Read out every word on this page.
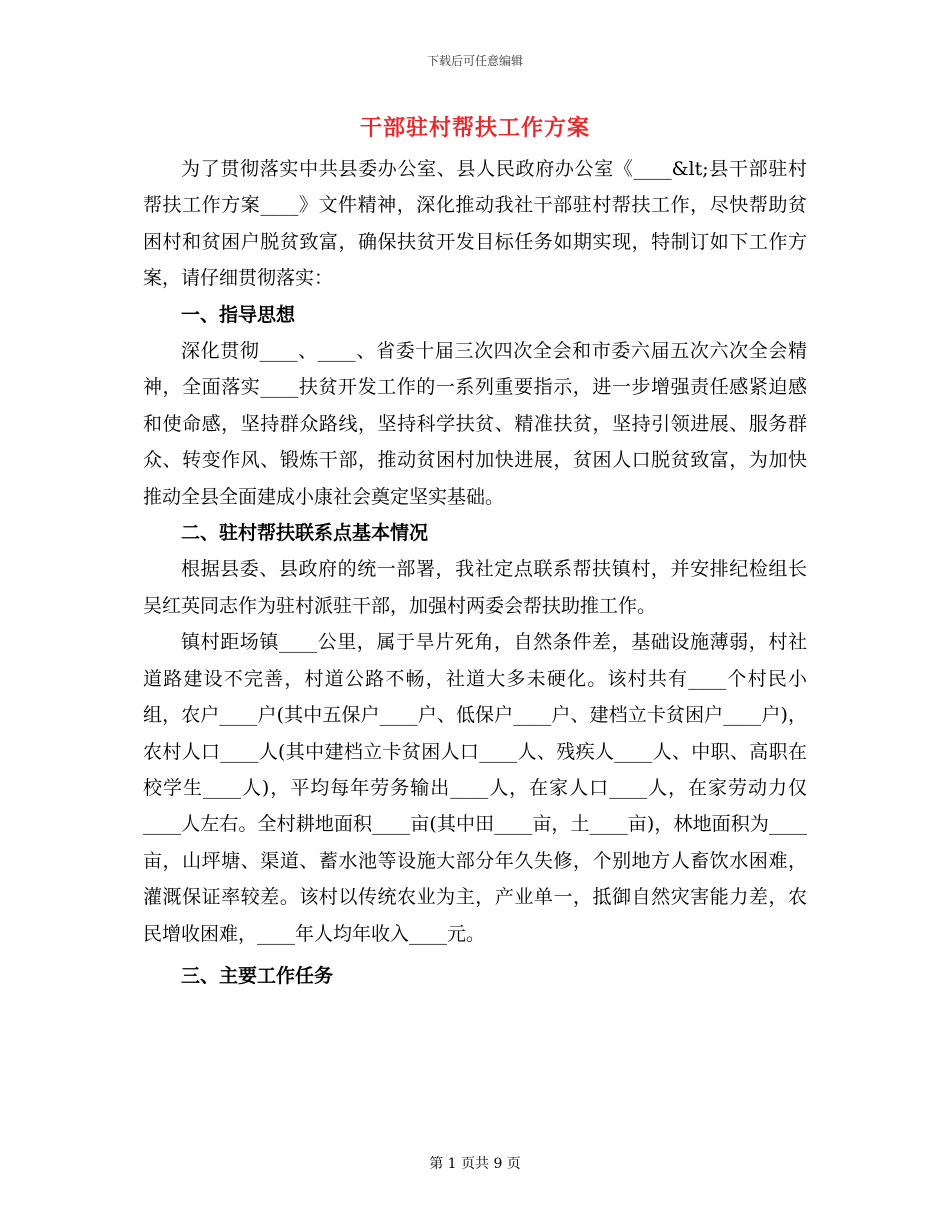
下载后可任意编辑
干部驻村帮扶工作方案

为了贯彻落实中共县委办公室、县人民政府办公室《____&lt;县干部驻村帮扶工作方案____》文件精神，深化推动我社干部驻村帮扶工作，尽快帮助贫困村和贫困户脱贫致富，确保扶贫开发目标任务如期实现，特制订如下工作方案，请仔细贯彻落实：

一、指导思想

深化贯彻____、____、省委十届三次四次全会和市委六届五次六次全会精神，全面落实____扶贫开发工作的一系列重要指示，进一步增强责任感紧迫感和使命感，坚持群众路线，坚持科学扶贫、精准扶贫，坚持引领进展、服务群众、转变作风、锻炼干部，推动贫困村加快进展，贫困人口脱贫致富，为加快推动全县全面建成小康社会奠定坚实基础。

二、驻村帮扶联系点基本情况

根据县委、县政府的统一部署，我社定点联系帮扶镇村，并安排纪检组长吴红英同志作为驻村派驻干部，加强村两委会帮扶助推工作。

镇村距场镇____公里，属于旱片死角，自然条件差，基础设施薄弱，村社道路建设不完善，村道公路不畅，社道大多未硬化。该村共有____个村民小组，农户____户(其中五保户____户、低保户____户、建档立卡贫困户____户)，农村人口____人(其中建档立卡贫困人口____人、残疾人____人、中职、高职在校学生____人)，平均每年劳务输出____人，在家人口____人，在家劳动力仅____人左右。全村耕地面积____亩(其中田____亩，土____亩)，林地面积为____亩，山坪塘、渠道、蓄水池等设施大部分年久失修，个别地方人畜饮水困难，灌溉保证率较差。该村以传统农业为主，产业单一，抵御自然灾害能力差，农民增收困难，____年人均年收入____元。

三、主要工作任务
第 1 页共 9 页
